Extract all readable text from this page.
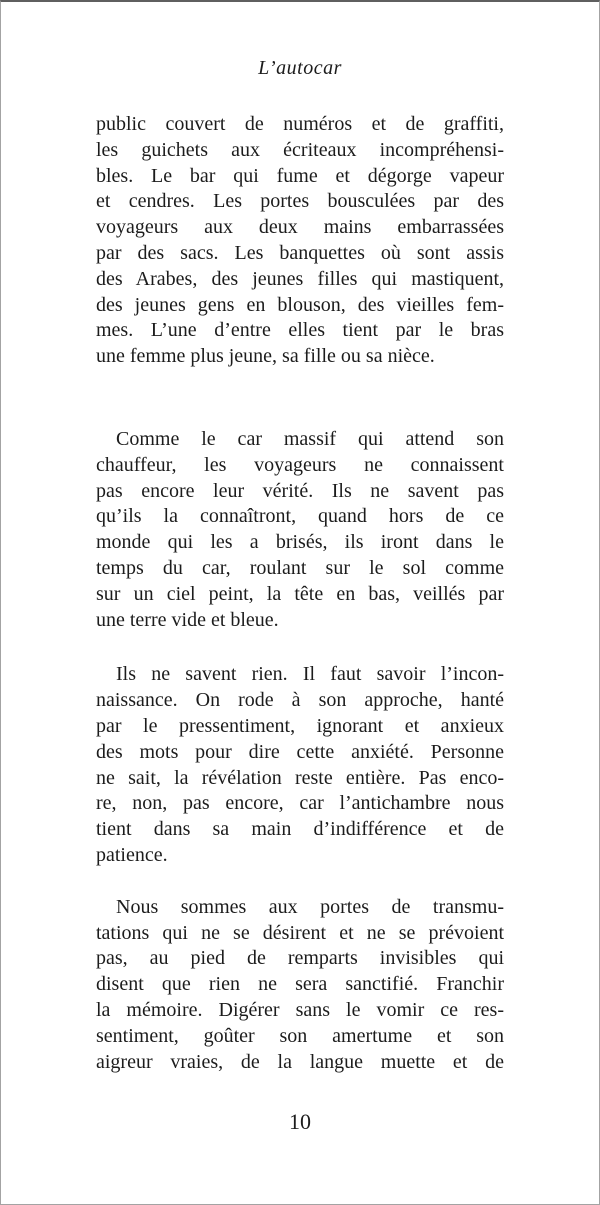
L’autocar
public couvert de numéros et de graffiti,
les guichets aux écriteaux incompréhensi-
bles. Le bar qui fume et dégorge vapeur
et cendres. Les portes bousculées par des
voyageurs aux deux mains embarrassées
par des sacs. Les banquettes où sont assis
des Arabes, des jeunes filles qui mastiquent,
des jeunes gens en blouson, des vieilles fem-
mes. L’une d’entre elles tient par le bras
une femme plus jeune, sa fille ou sa nièce.
Comme le car massif qui attend son
chauffeur, les voyageurs ne connaissent
pas encore leur vérité. Ils ne savent pas
qu’ils la connaîtront, quand hors de ce
monde qui les a brisés, ils iront dans le
temps du car, roulant sur le sol comme
sur un ciel peint, la tête en bas, veillés par
une terre vide et bleue.
Ils ne savent rien. Il faut savoir l’incon-
naissance. On rode à son approche, hanté
par le pressentiment, ignorant et anxieux
des mots pour dire cette anxiété. Personne
ne sait, la révélation reste entière. Pas enco-
re, non, pas encore, car l’antichambre nous
tient dans sa main d’indifférence et de
patience.
Nous sommes aux portes de transmu-
tations qui ne se désirent et ne se prévoient
pas, au pied de remparts invisibles qui
disent que rien ne sera sanctifié. Franchir
la mémoire. Digérer sans le vomir ce res-
sentiment, goûter son amertume et son
aigreur vraies, de la langue muette et de
10
